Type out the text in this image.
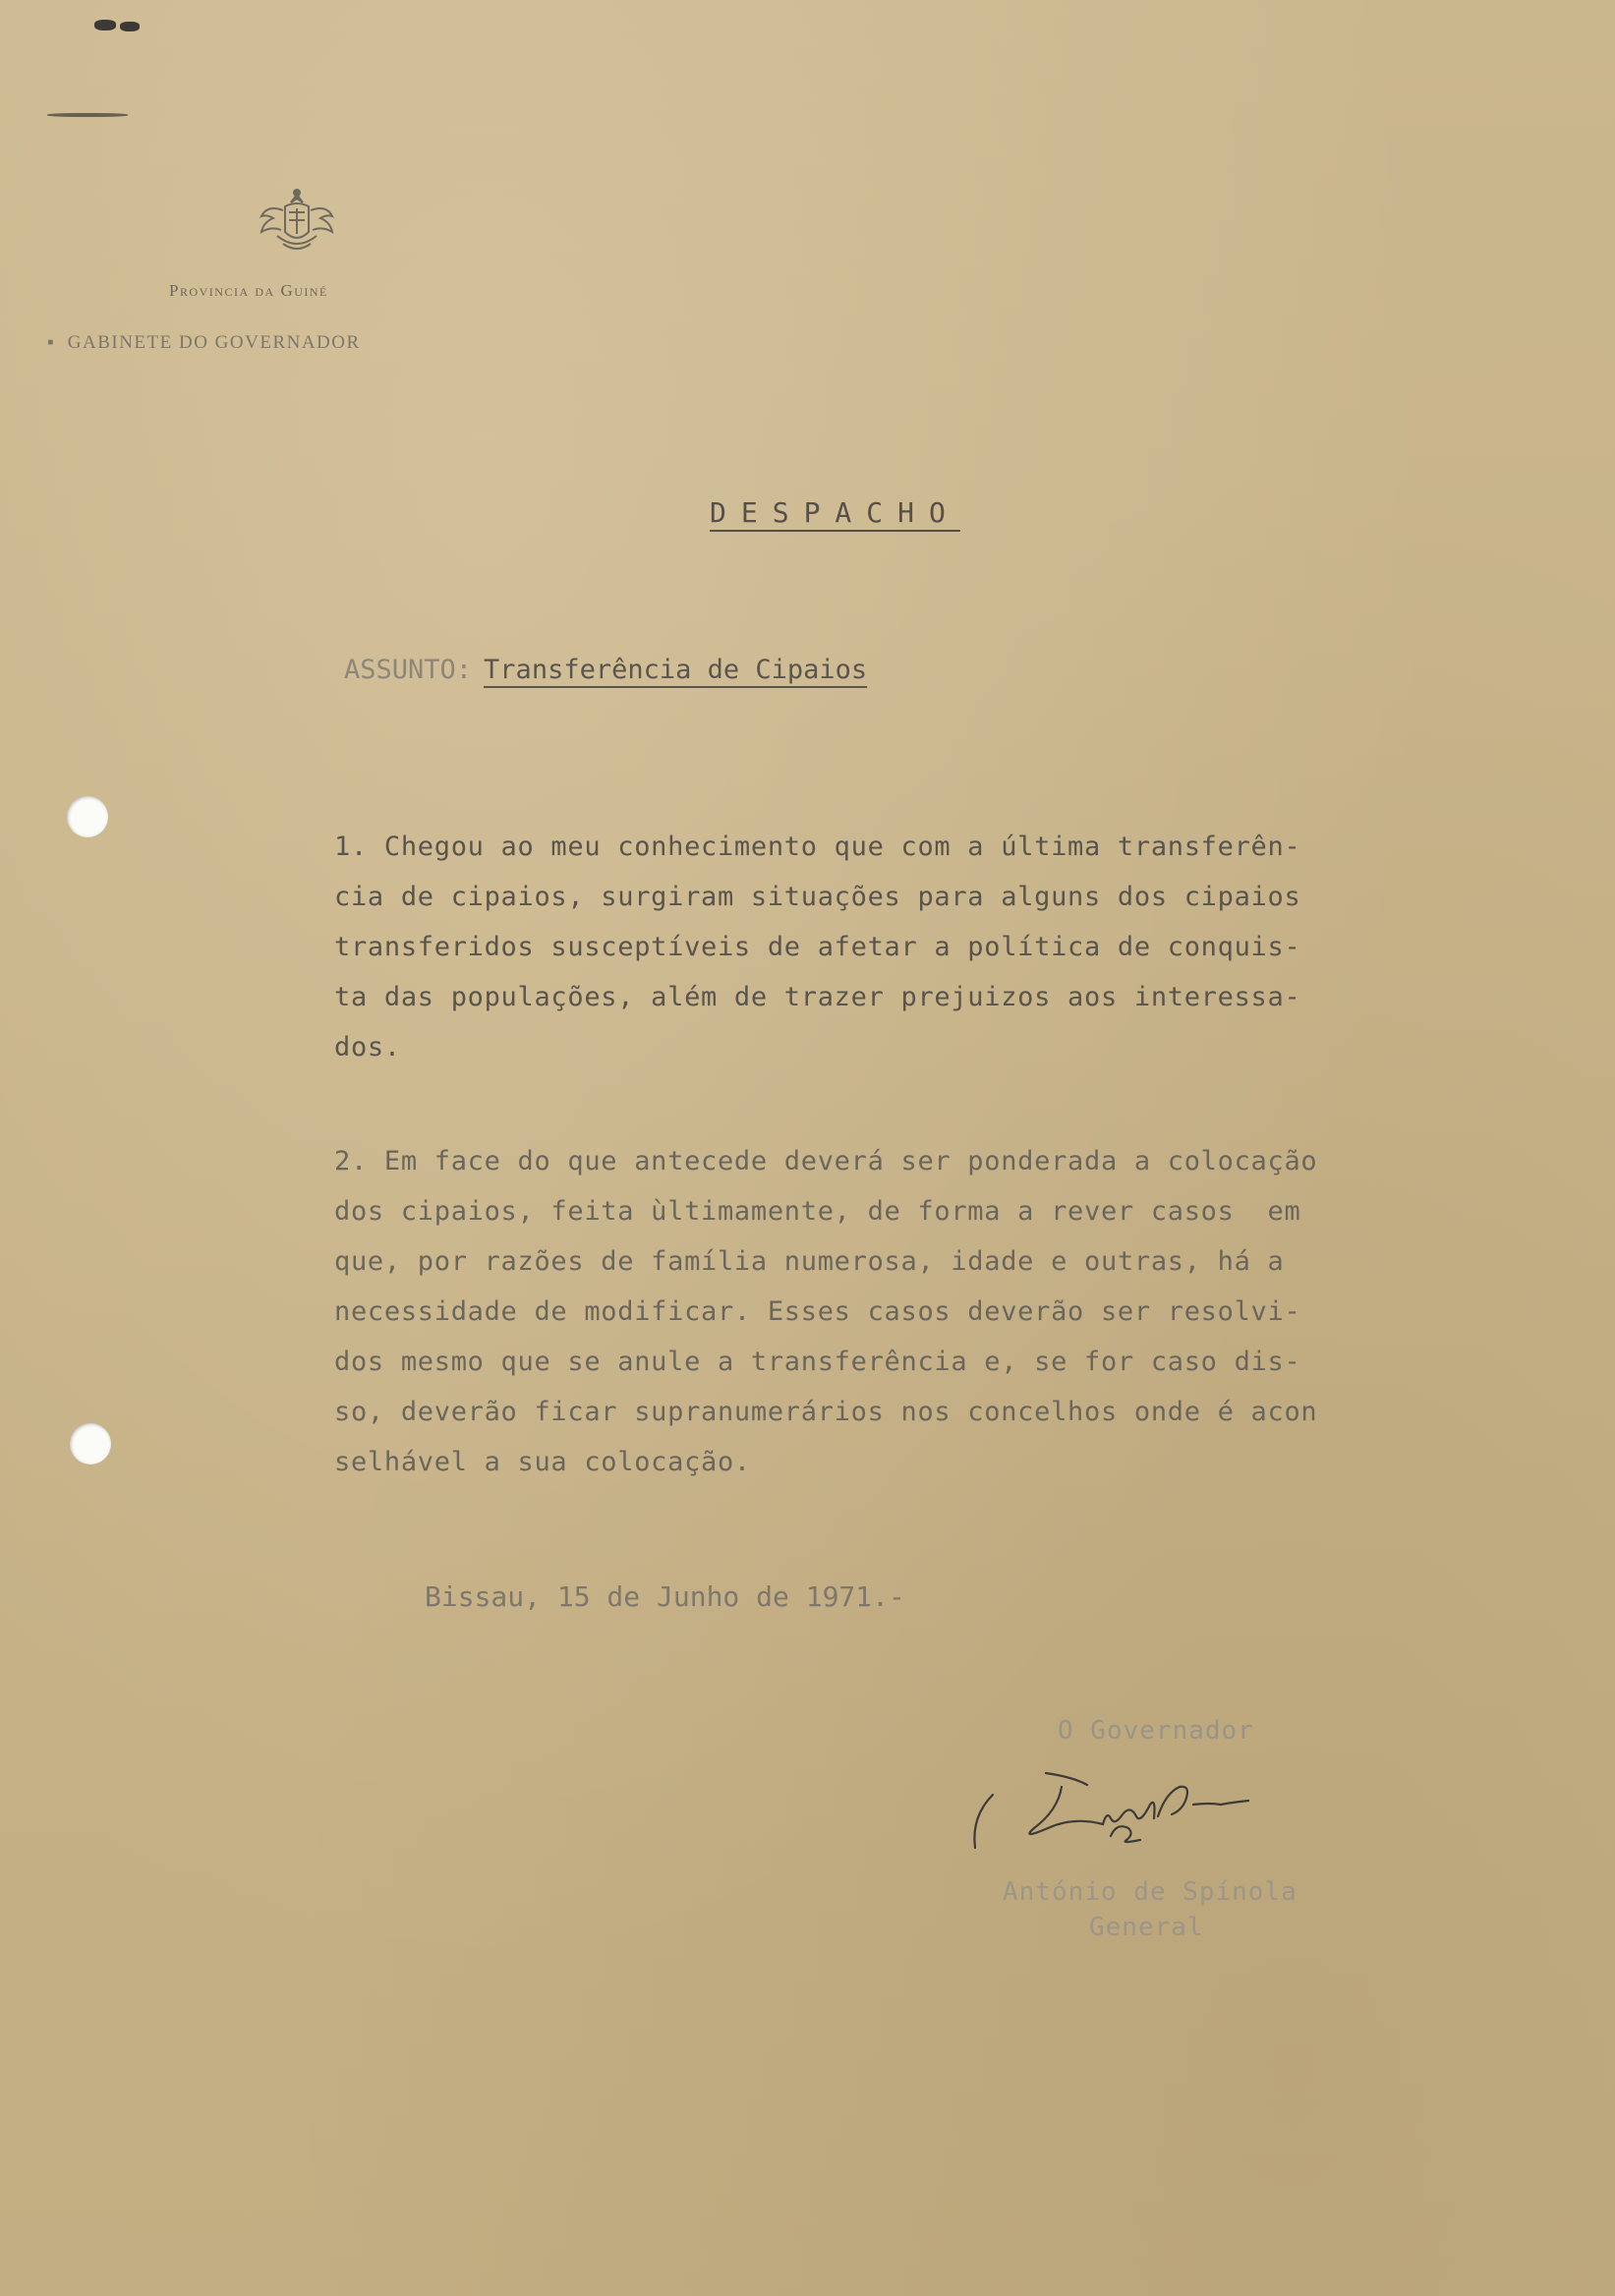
Provincia da Guiné
▪  GABINETE DO GOVERNADOR
DESPACHO
ASSUNTO: Transferência de Cipaios
1. Chegou ao meu conhecimento que com a última transferên-
cia de cipaios, surgiram situações para alguns dos cipaios
transferidos susceptíveis de afetar a política de conquis-
ta das populações, além de trazer prejuizos aos interessa-
dos.
2. Em face do que antecede deverá ser ponderada a colocação
dos cipaios, feita ùltimamente, de forma a rever casos  em
que, por razões de família numerosa, idade e outras, há a
necessidade de modificar. Esses casos deverão ser resolvi-
dos mesmo que se anule a transferência e, se for caso dis-
so, deverão ficar supranumerários nos concelhos onde é acon
selhável a sua colocação.
Bissau, 15 de Junho de 1971.-
O Governador
António de Spínola
General
